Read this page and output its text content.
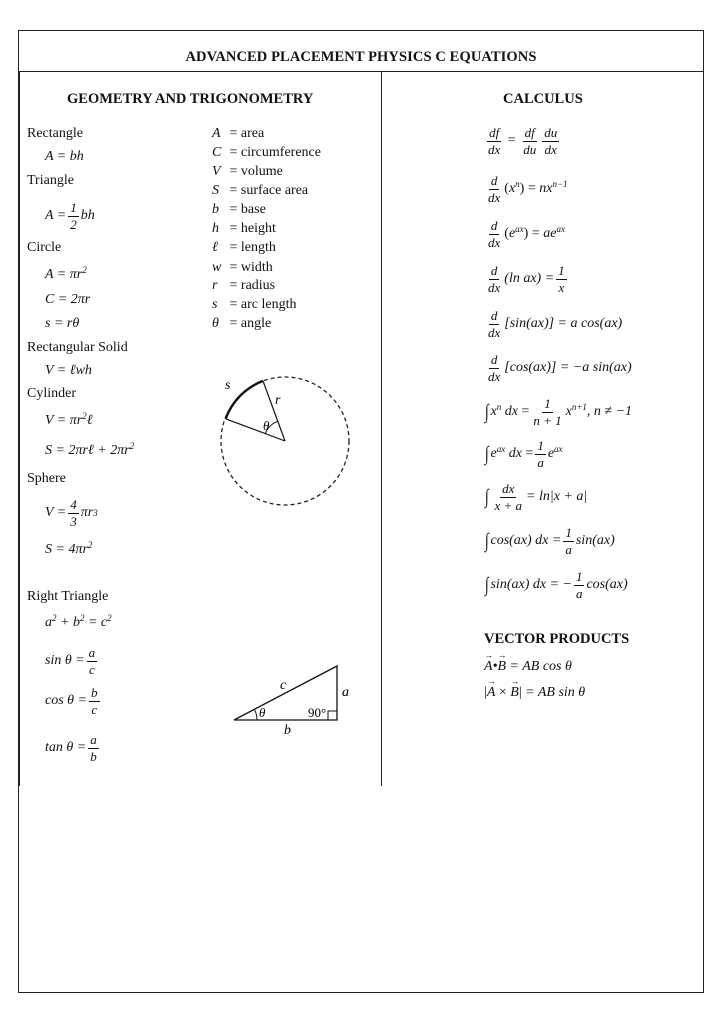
ADVANCED PLACEMENT PHYSICS C EQUATIONS
GEOMETRY AND TRIGONOMETRY
Rectangle
A = bh
Triangle
$A = \frac{1}{2}$ bh
Circle
$A = \pi r^2$
C = 2πr
s = rθ
Rectangular Solid
V = ℓwh
Cylinder
$V = \pi r^2\ell$
S = 2πrℓ + $2\pi r^2$
Sphere
$V = \frac{4}{3}$ πr 3
$S = 4\pi r^2$
Right Triangle
$a^2 + b^2 = c^2$
$\sin \theta = \frac{a}{c}$
$\cos \theta = \frac{b}{c}$
$\tan \theta = \frac{a}{b}$
A = area
C = circumference
V = volume
S = surface area
b = base
h = height
ℓ = length
w = width
r = radius
s = arc length
θ = angle
s
r
θ
c	a
b
θ	90°
CALCULUS
$\frac{df}{dx} = \frac{df}{du} \frac{du}{dx}$
$\frac{d}{dx} (x^n) = nx^{n-1}$
$\frac{d}{dx} (e^{ax}) = ae^{ax}$
$\frac{d}{dx} (\ln$ $ax) = \frac{1}{x}$
$\frac{d}{dx} [\sin(ax)] = a$ cos(ax)
$\frac{d}{dx} [\cos(ax)] = -a$ sin(ax)
∫ $x^n$ dx = $\frac{1}{n + 1} x^{n+1}$ , n ≠ −1
∫ $e^{ax}$ dx = $\frac{1}{a} e^{ax}$
∫ $\frac{dx}{x + a} = \ln|x + a|$
∫ cos(ax) dx = $\frac{1}{a} \sin(ax)$
∫ sin(ax) dx = − $\frac{1}{a} \cos(ax)$
VECTOR PRODUCTS
→ A•→ B = AB cos θ
|→ A × → B| = AB sin θ
